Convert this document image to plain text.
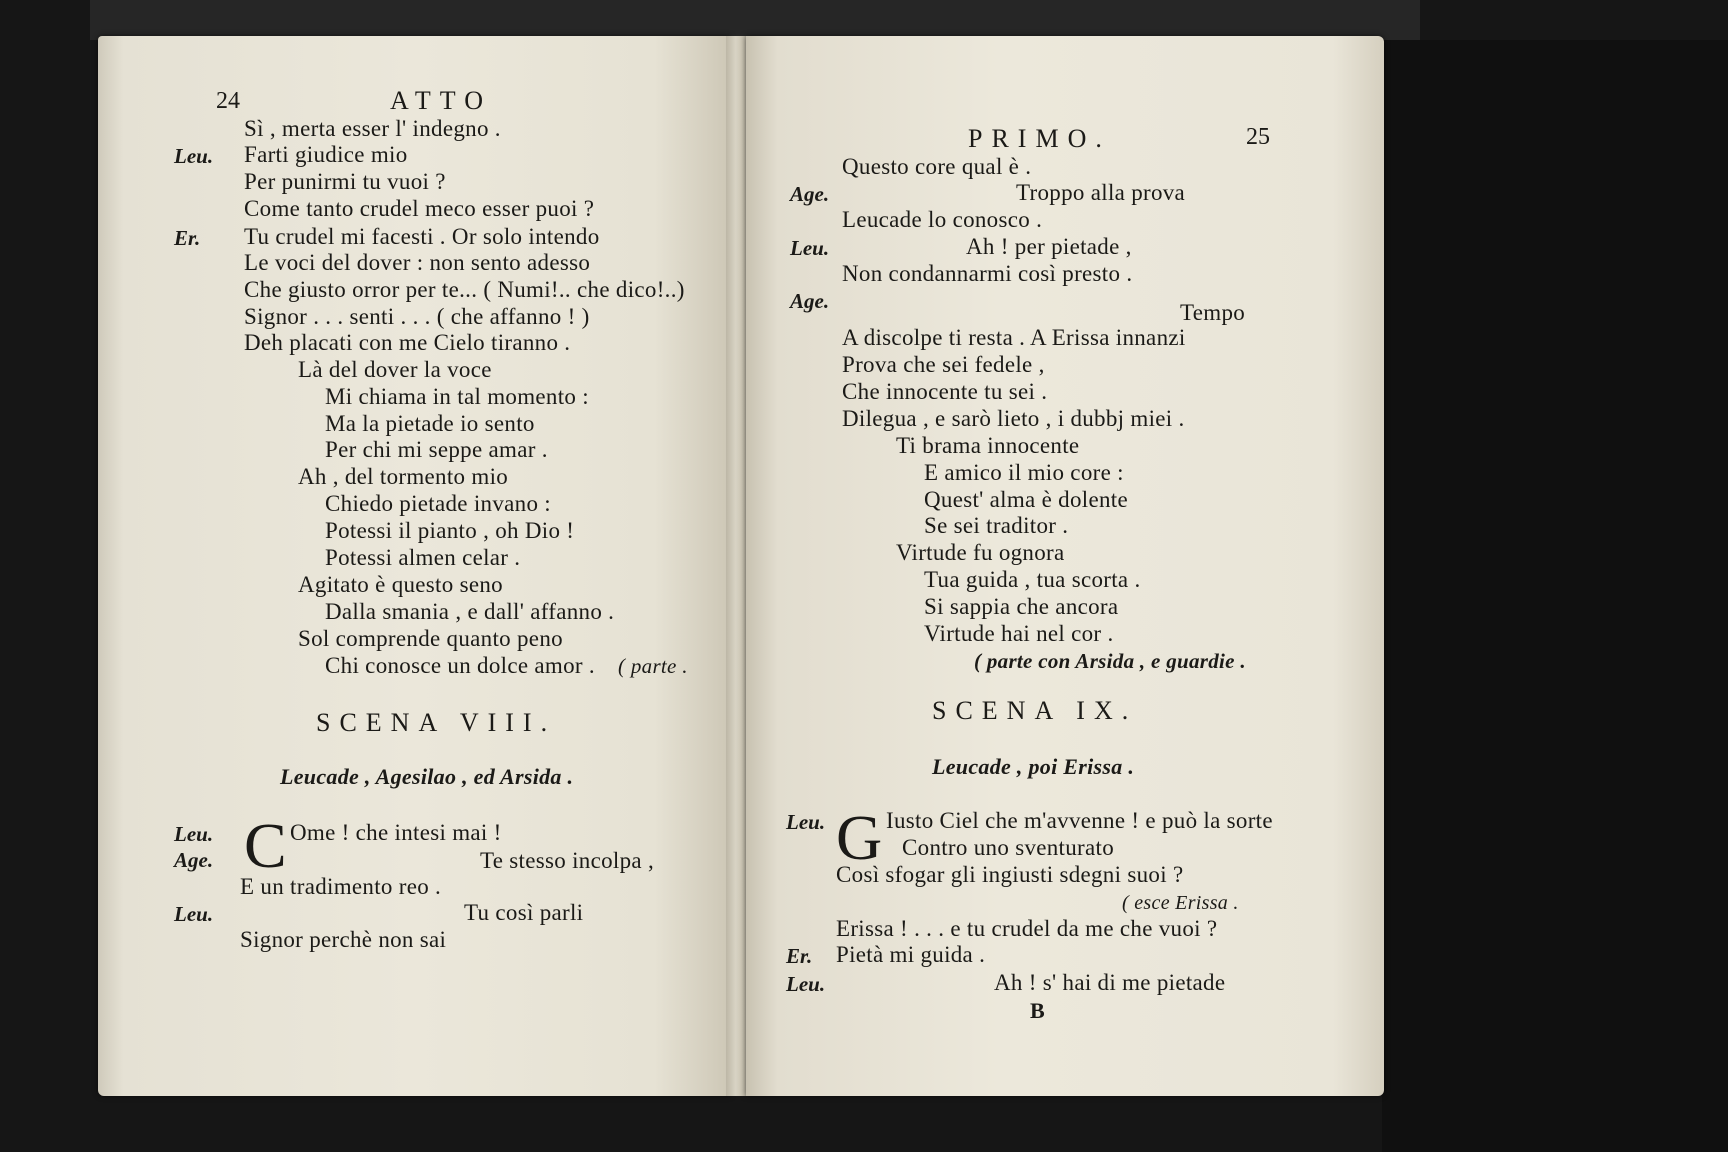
24	ATTO
Sì , merta esser l' indegno .
Leu. Farti giudice mio
Per punirmi tu vuoi ?
Come tanto crudel meco esser puoi ?
Er. Tu crudel mi facesti . Or solo intendo
Le voci del dover : non sento adesso
Che giusto orror per te... ( Numi!.. che dico!..)
Signor . . . senti . . . ( che affanno ! )
Deh placati con me Cielo tiranno .
Là del dover la voce
Mi chiama in tal momento :
Ma la pietade io sento
Per chi mi seppe amar .
Ah , del tormento mio
Chiedo pietade invano :
Potessi il pianto , oh Dio !
Potessi almen celar .
Agitato è questo seno
Dalla smania , e dall' affanno .
Sol comprende quanto peno
Chi conosce un dolce amor . ( parte .
SCENA VIII.
Leucade , Agesilao , ed Arsida .
Leu.
Age. C Ome ! che intesi mai !
Te stesso incolpa ,
E un tradimento reo .
Leu.	Tu così parli
Signor perchè non sai
PRIMO.	25
Questo core qual è .
Age.	Troppo alla prova
Leucade lo conosco .
Leu.	Ah ! per pietade ,
Non condannarmi così presto .
Age.	Tempo
A discolpe ti resta . A Erissa innanzi
Prova che sei fedele ,
Che innocente tu sei .
Dilegua , e sarò lieto , i dubbj miei .
Ti brama innocente
E amico il mio core :
Quest' alma è dolente
Se sei traditor .
Virtude fu ognora
Tua guida , tua scorta .
Si sappia che ancora
Virtude hai nel cor .
( parte con Arsida , e guardie .
SCENA IX.
Leucade , poi Erissa .
Leu. G Iusto Ciel che m'avvenne ! e può la sorte
Contro uno sventurato
Così sfogar gli ingiusti sdegni suoi ?
( esce Erissa .
Erissa ! . . . e tu crudel da me che vuoi ?
Er. Pietà mi guida .
Leu.	Ah ! s' hai di me pietade
B
